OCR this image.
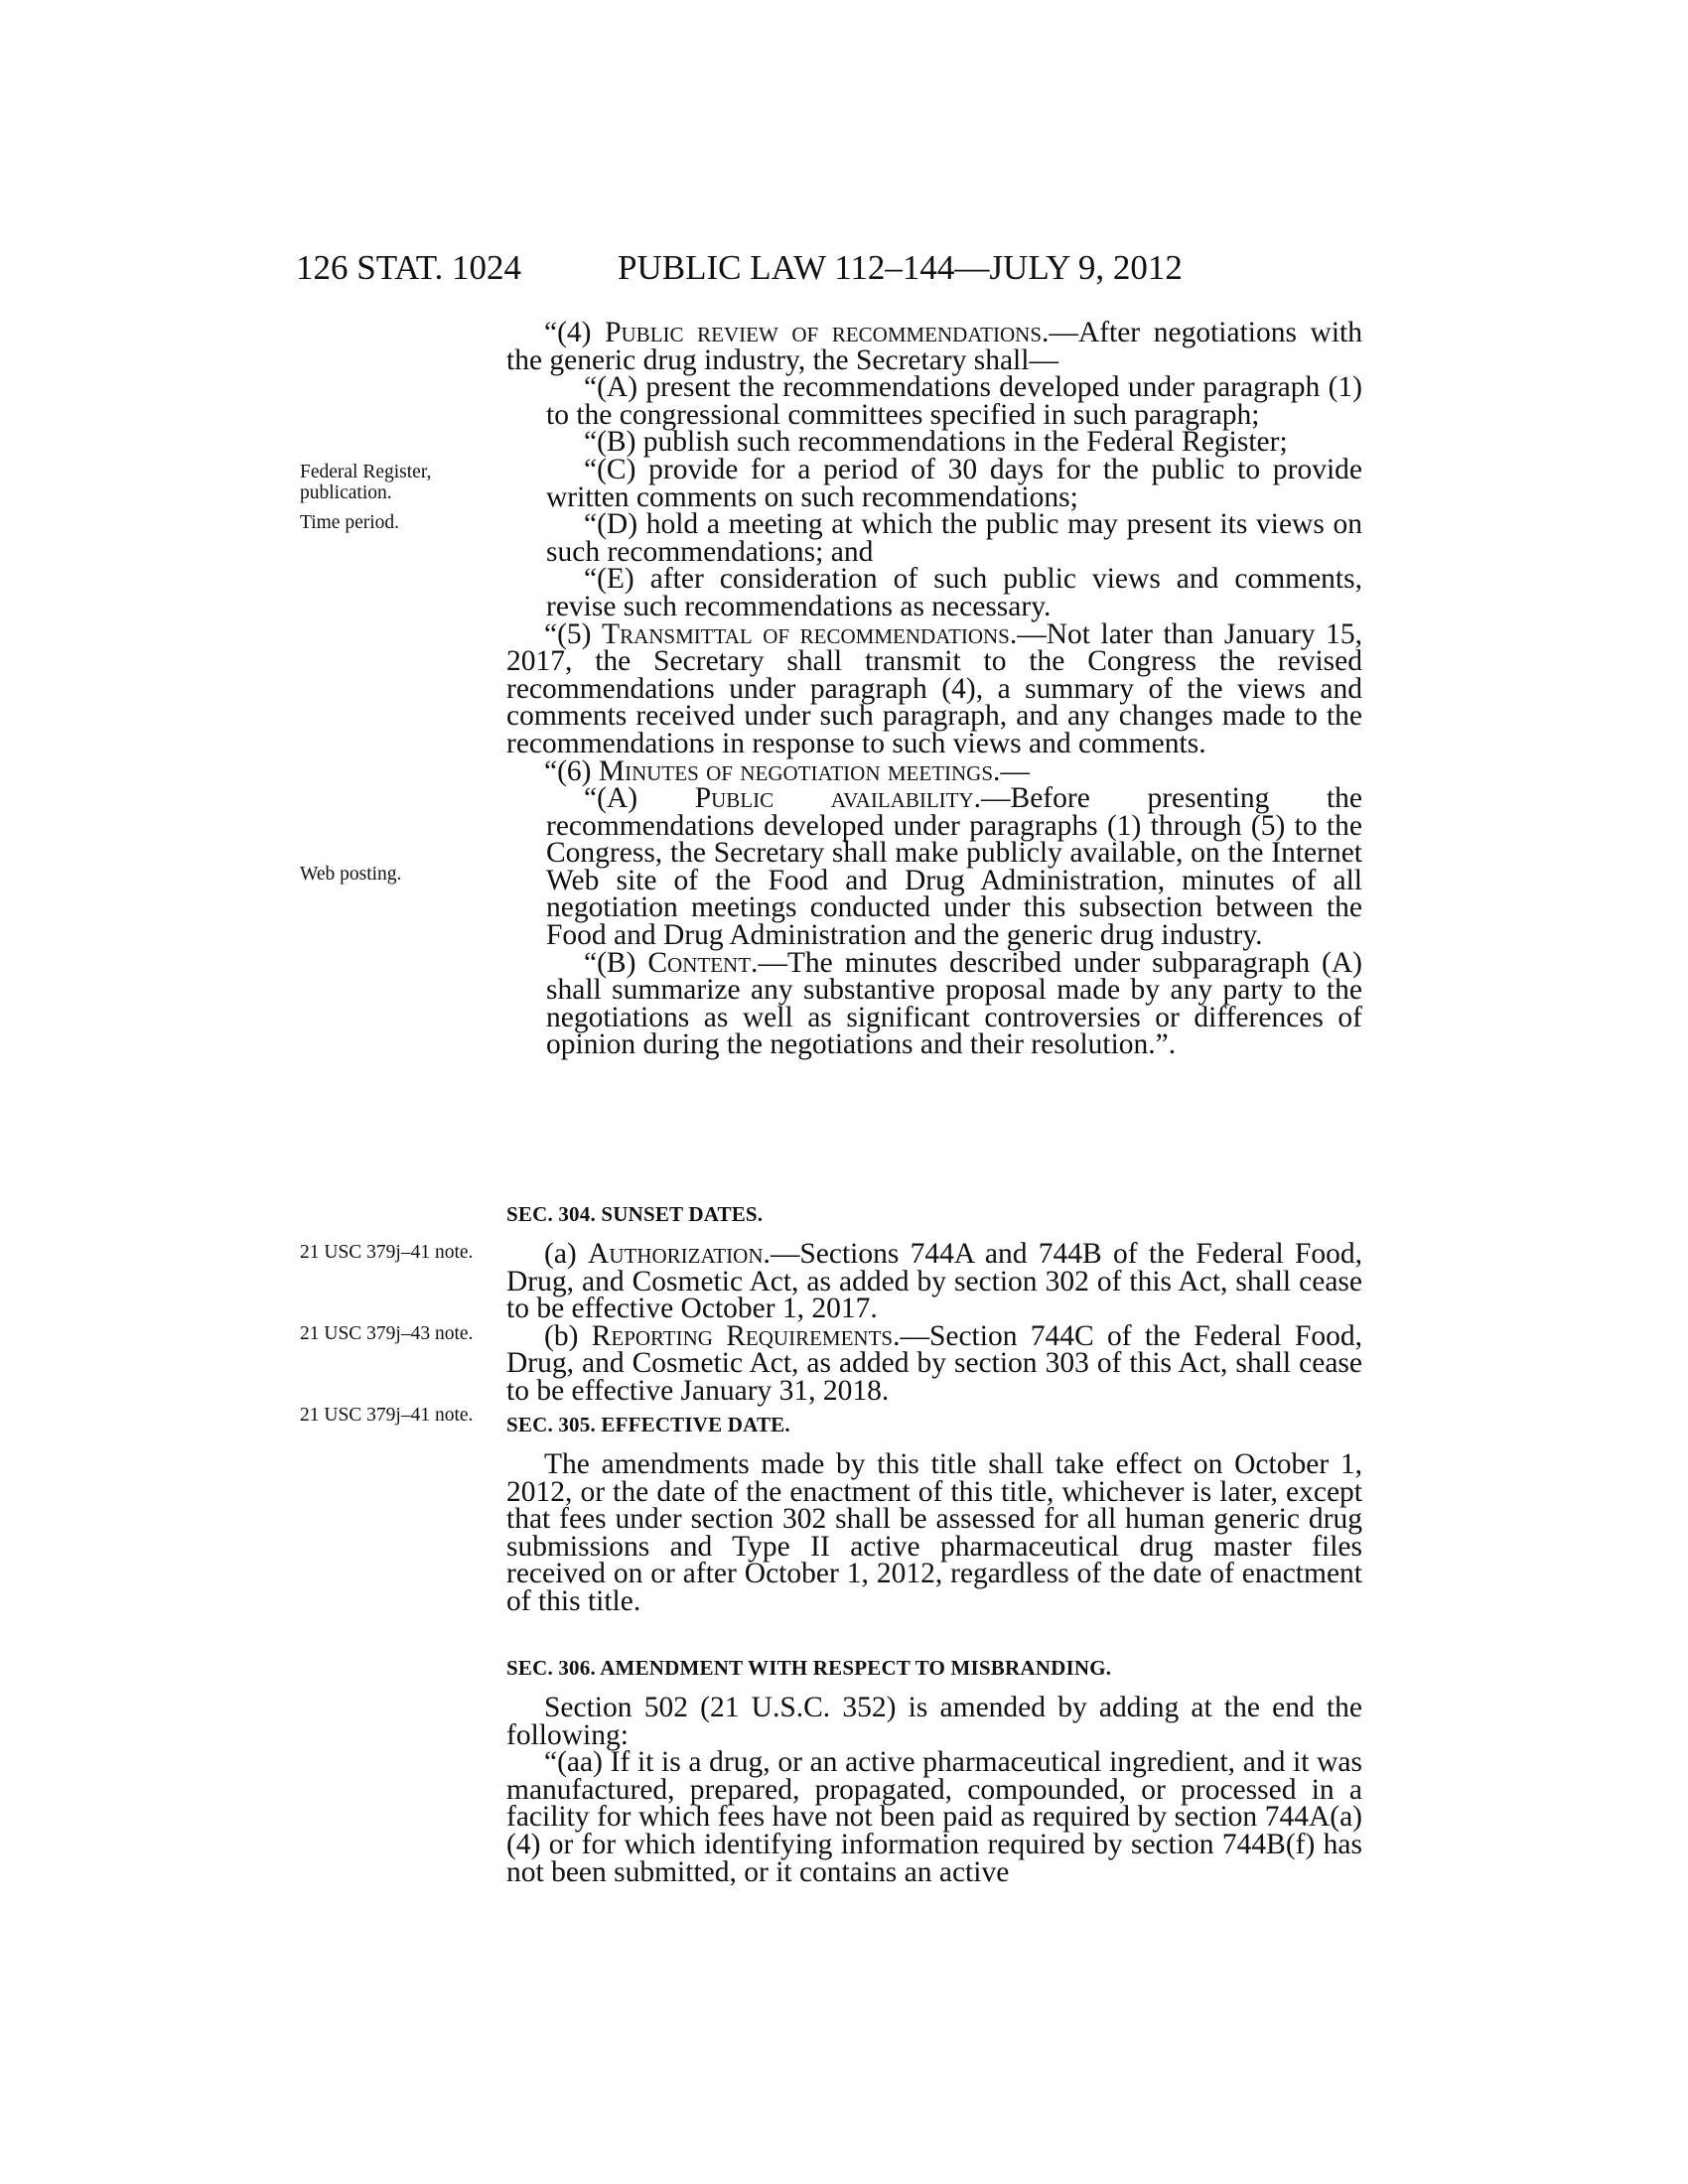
126 STAT. 1024	PUBLIC LAW 112–144—JULY 9, 2012
Federal Register, publication.
Time period.
Web posting.
21 USC 379j–41 note.
21 USC 379j–43 note.
21 USC 379j–41 note.

“(4) Public review of recommendations.—After negotiations with the generic drug industry, the Secretary shall—

“(A) present the recommendations developed under paragraph (1) to the congressional committees specified in such paragraph;

“(B) publish such recommendations in the Federal Register;

“(C) provide for a period of 30 days for the public to provide written comments on such recommendations;

“(D) hold a meeting at which the public may present its views on such recommendations; and

“(E) after consideration of such public views and comments, revise such recommendations as necessary.

“(5) Transmittal of recommendations.—Not later than January 15, 2017, the Secretary shall transmit to the Congress the revised recommendations under paragraph (4), a summary of the views and comments received under such paragraph, and any changes made to the recommendations in response to such views and comments.

“(6) Minutes of negotiation meetings.—

“(A) Public availability.—Before presenting the recommendations developed under paragraphs (1) through (5) to the Congress, the Secretary shall make publicly available, on the Internet Web site of the Food and Drug Administration, minutes of all negotiation meetings conducted under this subsection between the Food and Drug Administration and the generic drug industry.

“(B) Content.—The minutes described under subparagraph (A) shall summarize any substantive proposal made by any party to the negotiations as well as significant controversies or differences of opinion during the negotiations and their resolution.”.

SEC. 304. SUNSET DATES.

(a) Authorization.—Sections 744A and 744B of the Federal Food, Drug, and Cosmetic Act, as added by section 302 of this Act, shall cease to be effective October 1, 2017.

(b) Reporting Requirements.—Section 744C of the Federal Food, Drug, and Cosmetic Act, as added by section 303 of this Act, shall cease to be effective January 31, 2018.

SEC. 305. EFFECTIVE DATE.

The amendments made by this title shall take effect on October 1, 2012, or the date of the enactment of this title, whichever is later, except that fees under section 302 shall be assessed for all human generic drug submissions and Type II active pharmaceutical drug master files received on or after October 1, 2012, regardless of the date of enactment of this title.

SEC. 306. AMENDMENT WITH RESPECT TO MISBRANDING.

Section 502 (21 U.S.C. 352) is amended by adding at the end the following:

“(aa) If it is a drug, or an active pharmaceutical ingredient, and it was manufactured, prepared, propagated, compounded, or processed in a facility for which fees have not been paid as required by section 744A(a)(4) or for which identifying information required by section 744B(f) has not been submitted, or it contains an active
